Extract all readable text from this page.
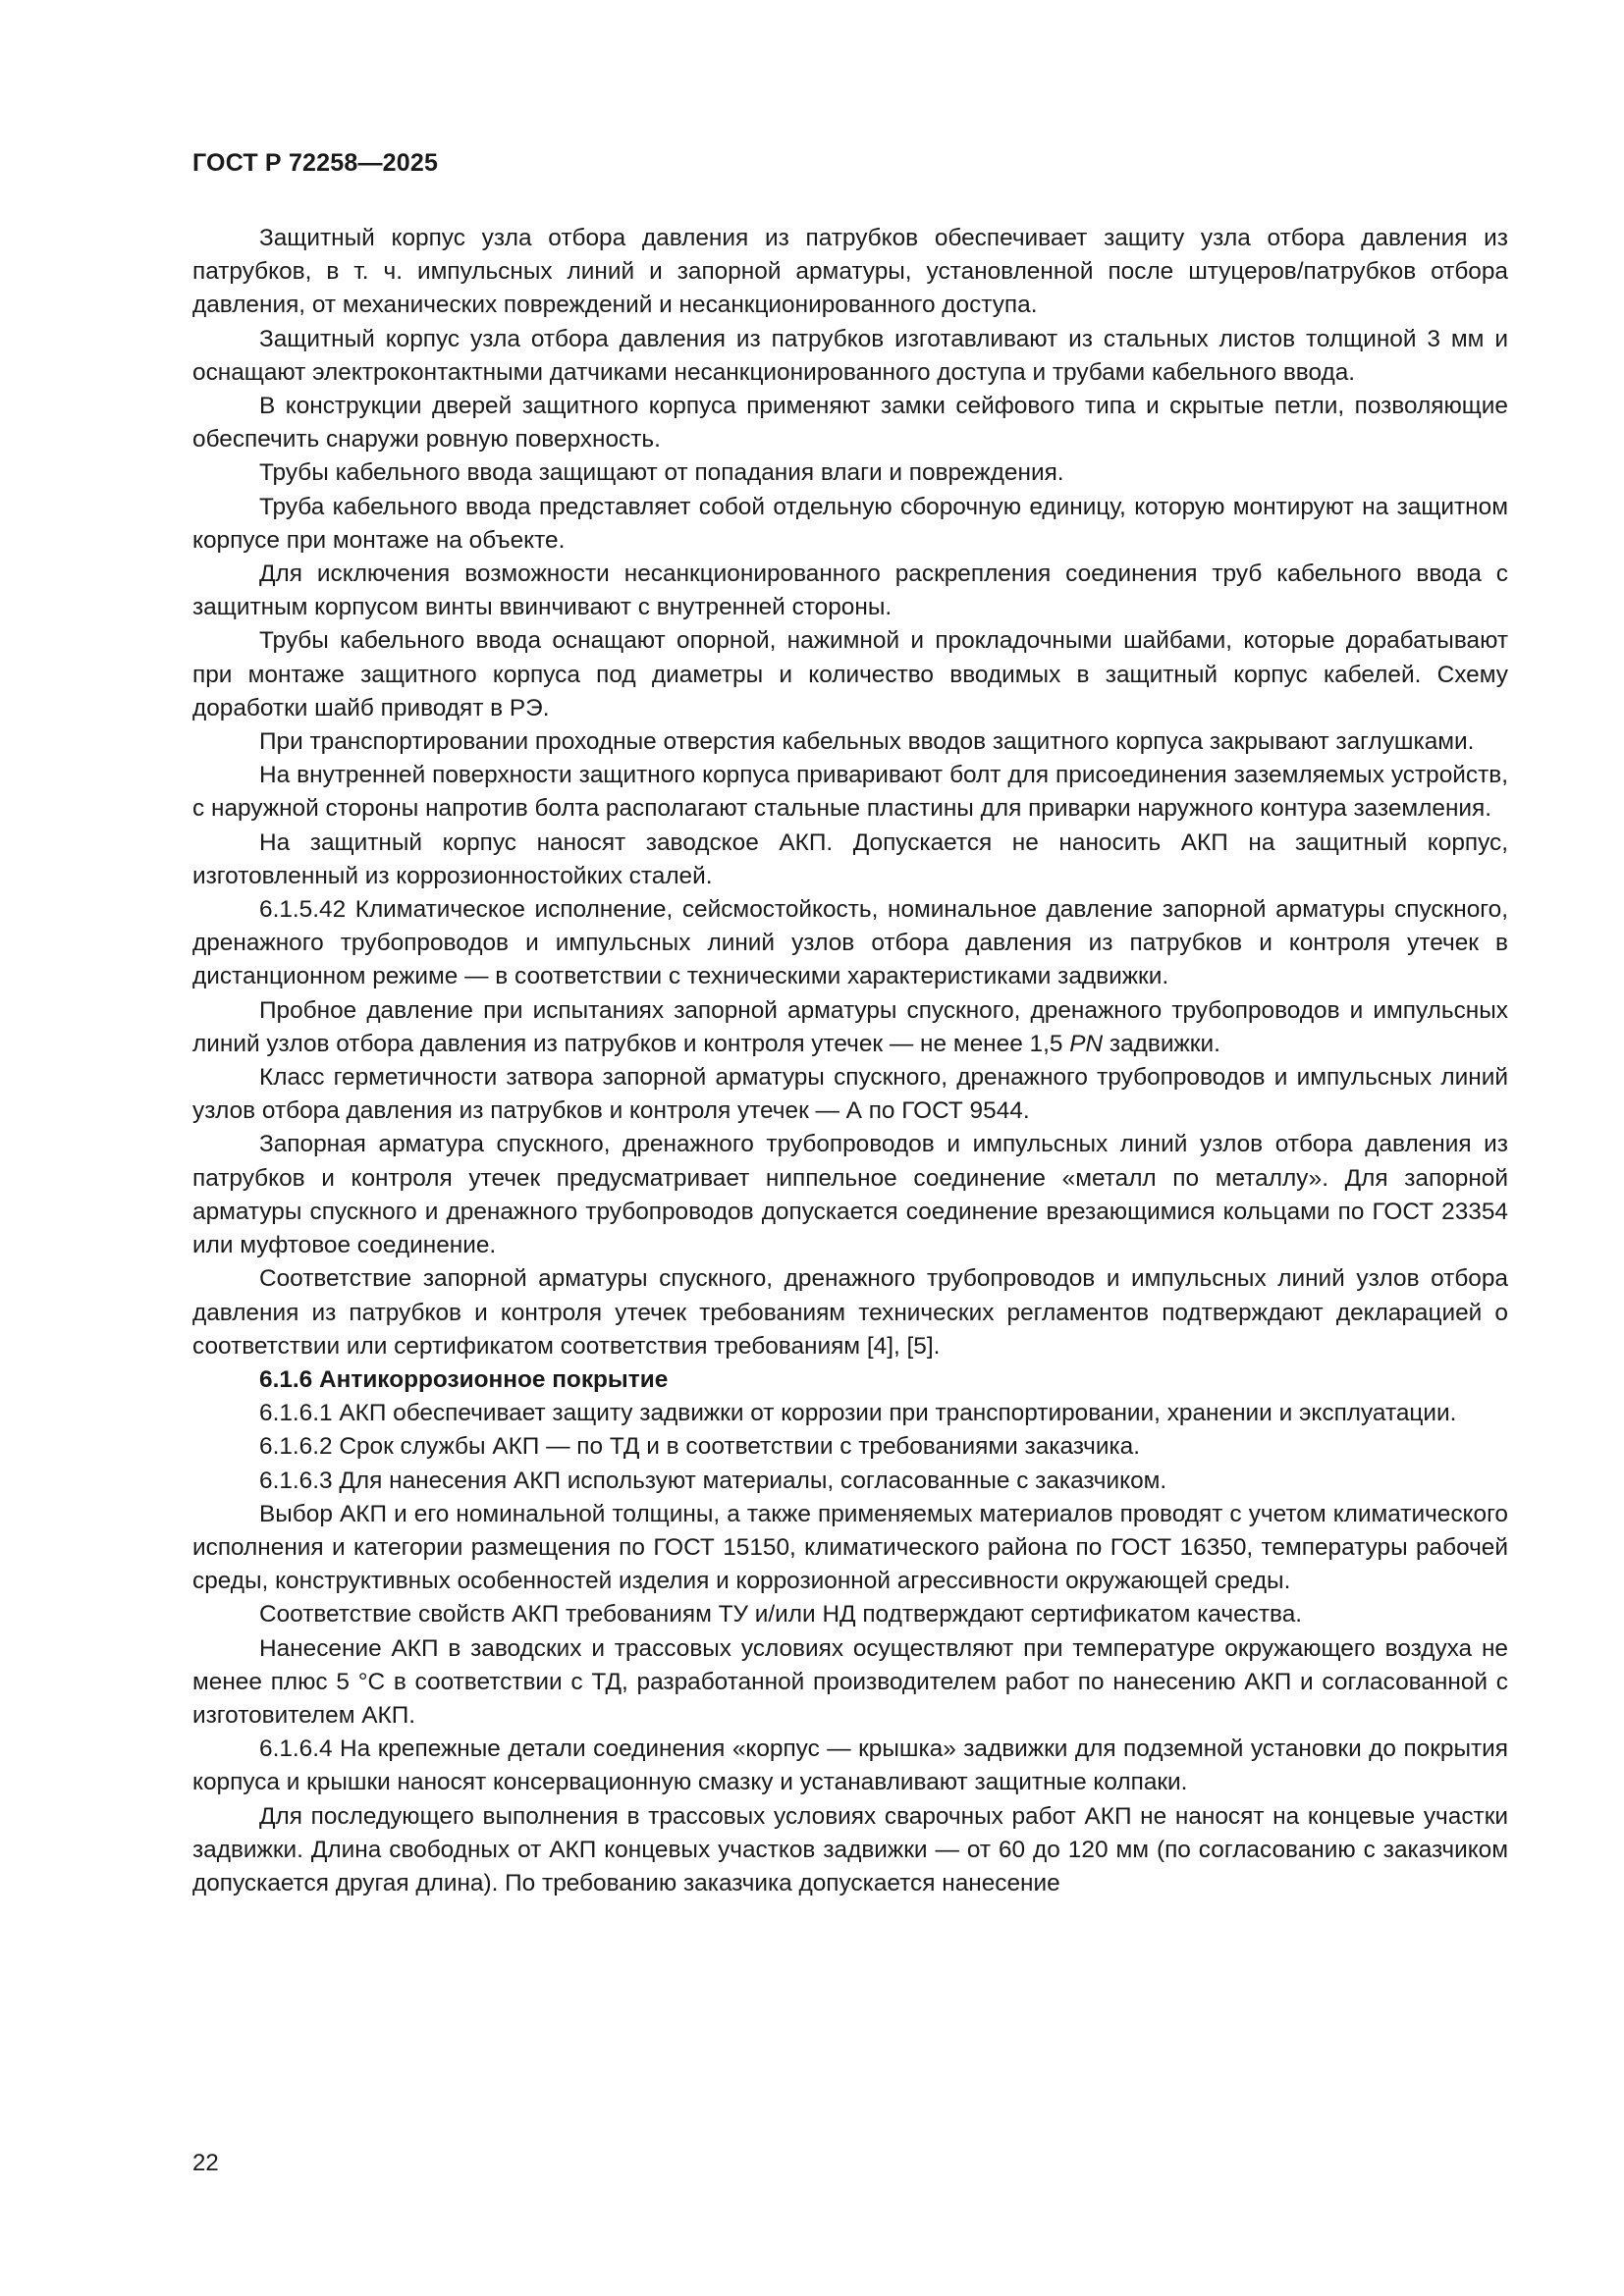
ГОСТ Р 72258—2025

Защитный корпус узла отбора давления из патрубков обеспечивает защиту узла отбора давления из патрубков, в т. ч. импульсных линий и запорной арматуры, установленной после штуцеров/патрубков отбора давления, от механических повреждений и несанкционированного доступа.

Защитный корпус узла отбора давления из патрубков изготавливают из стальных листов толщиной 3 мм и оснащают электроконтактными датчиками несанкционированного доступа и трубами кабельного ввода.

В конструкции дверей защитного корпуса применяют замки сейфового типа и скрытые петли, позволяющие обеспечить снаружи ровную поверхность.

Трубы кабельного ввода защищают от попадания влаги и повреждения.

Труба кабельного ввода представляет собой отдельную сборочную единицу, которую монтируют на защитном корпусе при монтаже на объекте.

Для исключения возможности несанкционированного раскрепления соединения труб кабельного ввода с защитным корпусом винты ввинчивают с внутренней стороны.

Трубы кабельного ввода оснащают опорной, нажимной и прокладочными шайбами, которые дорабатывают при монтаже защитного корпуса под диаметры и количество вводимых в защитный корпус кабелей. Схему доработки шайб приводят в РЭ.

При транспортировании проходные отверстия кабельных вводов защитного корпуса закрывают заглушками.

На внутренней поверхности защитного корпуса приваривают болт для присоединения заземляемых устройств, с наружной стороны напротив болта располагают стальные пластины для приварки наружного контура заземления.

На защитный корпус наносят заводское АКП. Допускается не наносить АКП на защитный корпус, изготовленный из коррозионностойких сталей.

6.1.5.42 Климатическое исполнение, сейсмостойкость, номинальное давление запорной арматуры спускного, дренажного трубопроводов и импульсных линий узлов отбора давления из патрубков и контроля утечек в дистанционном режиме — в соответствии с техническими характеристиками задвижки.

Пробное давление при испытаниях запорной арматуры спускного, дренажного трубопроводов и импульсных линий узлов отбора давления из патрубков и контроля утечек — не менее 1,5 PN задвижки.

Класс герметичности затвора запорной арматуры спускного, дренажного трубопроводов и импульсных линий узлов отбора давления из патрубков и контроля утечек — А по ГОСТ 9544.

Запорная арматура спускного, дренажного трубопроводов и импульсных линий узлов отбора давления из патрубков и контроля утечек предусматривает ниппельное соединение «металл по металлу». Для запорной арматуры спускного и дренажного трубопроводов допускается соединение врезающимися кольцами по ГОСТ 23354 или муфтовое соединение.

Соответствие запорной арматуры спускного, дренажного трубопроводов и импульсных линий узлов отбора давления из патрубков и контроля утечек требованиям технических регламентов подтверждают декларацией о соответствии или сертификатом соответствия требованиям [4], [5].

6.1.6 Антикоррозионное покрытие

6.1.6.1 АКП обеспечивает защиту задвижки от коррозии при транспортировании, хранении и эксплуатации.

6.1.6.2 Срок службы АКП — по ТД и в соответствии с требованиями заказчика.

6.1.6.3 Для нанесения АКП используют материалы, согласованные с заказчиком.

Выбор АКП и его номинальной толщины, а также применяемых материалов проводят с учетом климатического исполнения и категории размещения по ГОСТ 15150, климатического района по ГОСТ 16350, температуры рабочей среды, конструктивных особенностей изделия и коррозионной агрессивности окружающей среды.

Соответствие свойств АКП требованиям ТУ и/или НД подтверждают сертификатом качества.

Нанесение АКП в заводских и трассовых условиях осуществляют при температуре окружающего воздуха не менее плюс 5 °С в соответствии с ТД, разработанной производителем работ по нанесению АКП и согласованной с изготовителем АКП.

6.1.6.4 На крепежные детали соединения «корпус — крышка» задвижки для подземной установки до покрытия корпуса и крышки наносят консервационную смазку и устанавливают защитные колпаки.

Для последующего выполнения в трассовых условиях сварочных работ АКП не наносят на концевые участки задвижки. Длина свободных от АКП концевых участков задвижки — от 60 до 120 мм (по согласованию с заказчиком допускается другая длина). По требованию заказчика допускается нанесение

22
